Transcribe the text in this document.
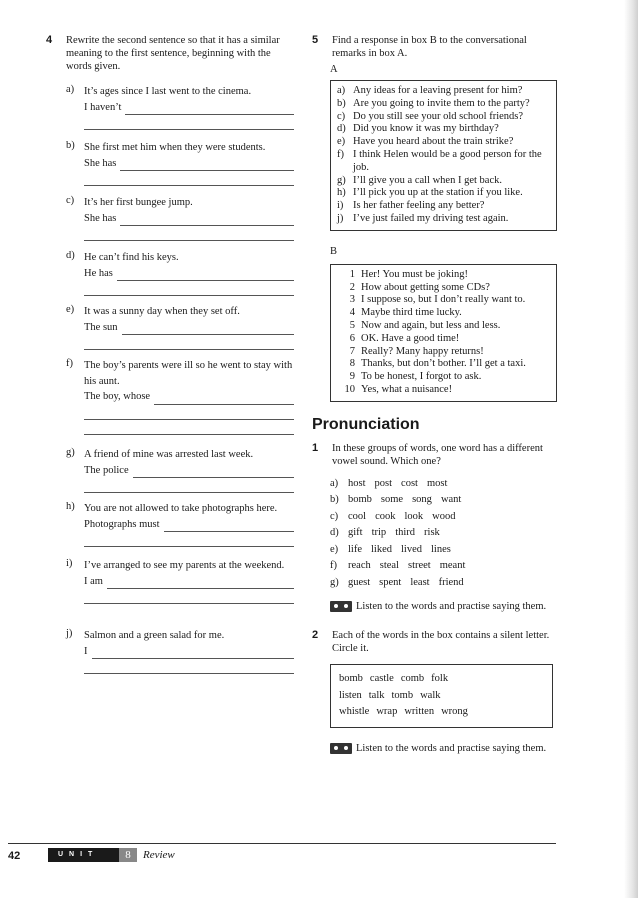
4 Rewrite the second sentence so that it has a similar meaning to the first sentence, beginning with the words given.
a) It’s ages since I last went to the cinema.
I haven’t
b) She first met him when they were students.
She has
c) It’s her first bungee jump.
She has
d) He can’t find his keys.
He has
e) It was a sunny day when they set off.
The sun
f) The boy’s parents were ill so he went to stay with his aunt.
The boy, whose
g) A friend of mine was arrested last week.
The police
h) You are not allowed to take photographs here.
Photographs must
i) I’ve arranged to see my parents at the weekend.
I am
j) Salmon and a green salad for me.
I
5 Find a response in box B to the conversational remarks in box A.
A
a) Any ideas for a leaving present for him?
b) Are you going to invite them to the party?
c) Do you still see your old school friends?
d) Did you know it was my birthday?
e) Have you heard about the train strike?
f) I think Helen would be a good person for the job.
g) I’ll give you a call when I get back.
h) I’ll pick you up at the station if you like.
i) Is her father feeling any better?
j) I’ve just failed my driving test again.
B
1 Her! You must be joking!
2 How about getting some CDs?
3 I suppose so, but I don’t really want to.
4 Maybe third time lucky.
5 Now and again, but less and less.
6 OK. Have a good time!
7 Really? Many happy returns!
8 Thanks, but don’t bother. I’ll get a taxi.
9 To be honest, I forgot to ask.
10 Yes, what a nuisance!
Pronunciation
1 In these groups of words, one word has a different vowel sound. Which one?
a) host post cost most
b) bomb some song want
c) cool cook look wood
d) gift trip third risk
e) life liked lived lines
f)	reach steal street meant
g) guest spent least friend
Listen to the words and practise saying them.
2 Each of the words in the box contains a silent letter. Circle it.
bomb castle comb folk
listen talk tomb walk
whistle wrap written wrong
Listen to the words and practise saying them.
42	UNIT	8	Review
